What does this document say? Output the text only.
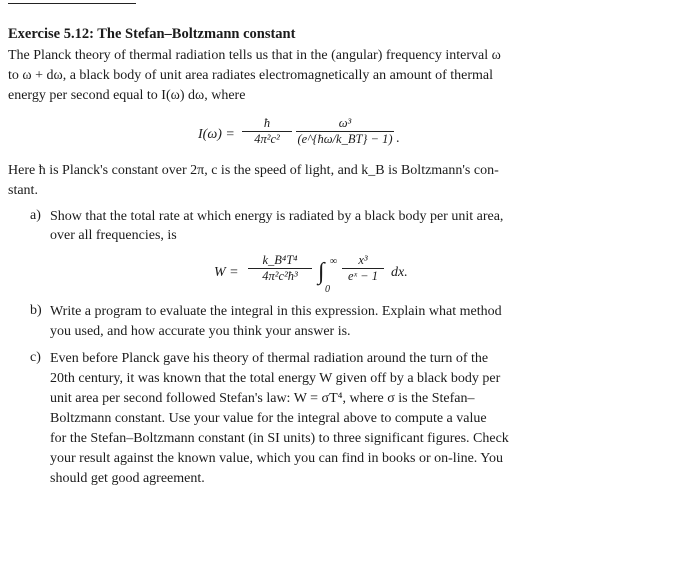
Exercise 5.12: The Stefan–Boltzmann constant
The Planck theory of thermal radiation tells us that in the (angular) frequency interval ω
to ω + dω, a black body of unit area radiates electromagnetically an amount of thermal
energy per second equal to I(ω) dω, where
I(ω) =
ħ
4π²c²
ω³
(e^{ħω/k_BT} − 1) .
Here ħ is Planck's constant over 2π, c is the speed of light, and k_B is Boltzmann's con-
stant.
a) Show that the total rate at which energy is radiated by a black body per unit area,
over all frequencies, is
W =
k_B⁴T⁴
4π²c²ħ³ ∫ ∞
0
x³
eˣ − 1 dx.
b) Write a program to evaluate the integral in this expression. Explain what method
you used, and how accurate you think your answer is.
c) Even before Planck gave his theory of thermal radiation around the turn of the
20th century, it was known that the total energy W given off by a black body per
unit area per second followed Stefan's law: W = σT⁴, where σ is the Stefan–
Boltzmann constant. Use your value for the integral above to compute a value
for the Stefan–Boltzmann constant (in SI units) to three significant figures. Check
your result against the known value, which you can find in books or on-line. You
should get good agreement.
